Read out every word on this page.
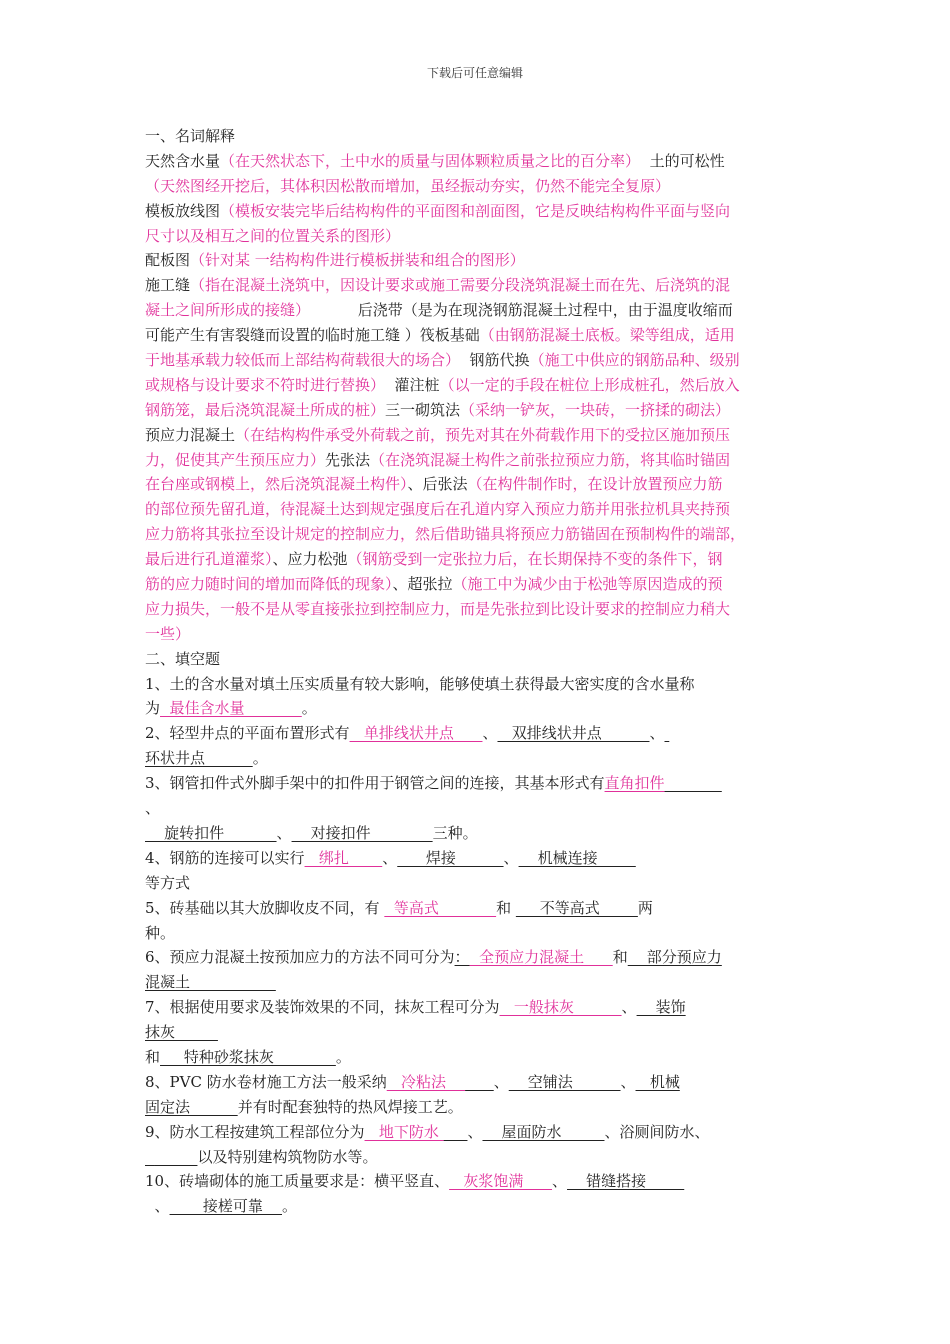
下载后可任意编辑
一、名词解释
天然含水量（在天然状态下，土中水的质量与固体颗粒质量之比的百分率）  土的可松性
（天然图经开挖后，其体积因松散而增加，虽经振动夯实，仍然不能完全复原）
模板放线图（模板安装完毕后结构构件的平面图和剖面图，它是反映结构构件平面与竖向
尺寸以及相互之间的位置关系的图形）
配板图（针对某 一结构构件进行模板拼装和组合的图形）
施工缝（指在混凝土浇筑中，因设计要求或施工需要分段浇筑混凝土而在先、后浇筑的混
凝土之间所形成的接缝）          后浇带（是为在现浇钢筋混凝土过程中，由于温度收缩而
可能产生有害裂缝而设置的临时施工缝 ）筏板基础（由钢筋混凝土底板。梁等组成，适用
于地基承载力较低而上部结构荷载很大的场合）  钢筋代换（施工中供应的钢筋品种、级别
或规格与设计要求不符时进行替换）  灌注桩（以一定的手段在桩位上形成桩孔，然后放入
钢筋笼，最后浇筑混凝土所成的桩）三一砌筑法（采纳一铲灰，一块砖，一挤揉的砌法）
预应力混凝土（在结构构件承受外荷载之前，预先对其在外荷载作用下的受拉区施加预压
力，促使其产生预压应力）先张法（在浇筑混凝土构件之前张拉预应力筋，将其临时锚固
在台座或钢模上，然后浇筑混凝土构件）、后张法（在构件制作时，在设计放置预应力筋
的部位预先留孔道，待混凝土达到规定强度后在孔道内穿入预应力筋并用张拉机具夹持预
应力筋将其张拉至设计规定的控制应力，然后借助锚具将预应力筋锚固在预制构件的端部，
最后进行孔道灌浆）、应力松弛（钢筋受到一定张拉力后，在长期保持不变的条件下，钢
筋的应力随时间的增加而降低的现象）、超张拉（施工中为减少由于松弛等原因造成的预
应力损失，一般不是从零直接张拉到控制应力，而是先张拉到比设计要求的控制应力稍大
一些）
二、填空题
1、土的含水量对填土压实质量有较大影响，能够使填土获得最大密实度的含水量称
为  最佳含水量            。
2、轻型井点的平面布置形式有   单排线状井点      、   双排线状井点          、
环状井点          。
3、钢管扣件式外脚手架中的扣件用于钢管之间的连接，其基本形式有直角扣件
、
旋转扣件           、    对接扣件             三种。
4、钢筋的连接可以实行   绑扎       、      焊接          、    机械连接
等方式
5、砖基础以其大放脚收皮不同，有   等高式            和      不等高式        两
种。
6、预应力混凝土按预加应力的方法不同可分为：  全预应力混凝土      和    部分预应力
混凝土
7、根据使用要求及装饰效果的不同，抹灰工程可分为   一般抹灰          、    装饰
抹灰
和     特种砂浆抹灰             。
8、PVC 防水卷材施工方法一般采纳   冷粘法          、    空铺法          、   机械
固定法          并有时配套独特的热风焊接工艺。
9、防水工程按建筑工程部位分为   地下防水      、    屋面防水         、浴厕间防水、
以及特别建构筑物防水等。
10、砖墙砌体的施工质量要求是：横平竖直、   灰浆饱满      、    错缝搭接
、       接槎可靠    。
